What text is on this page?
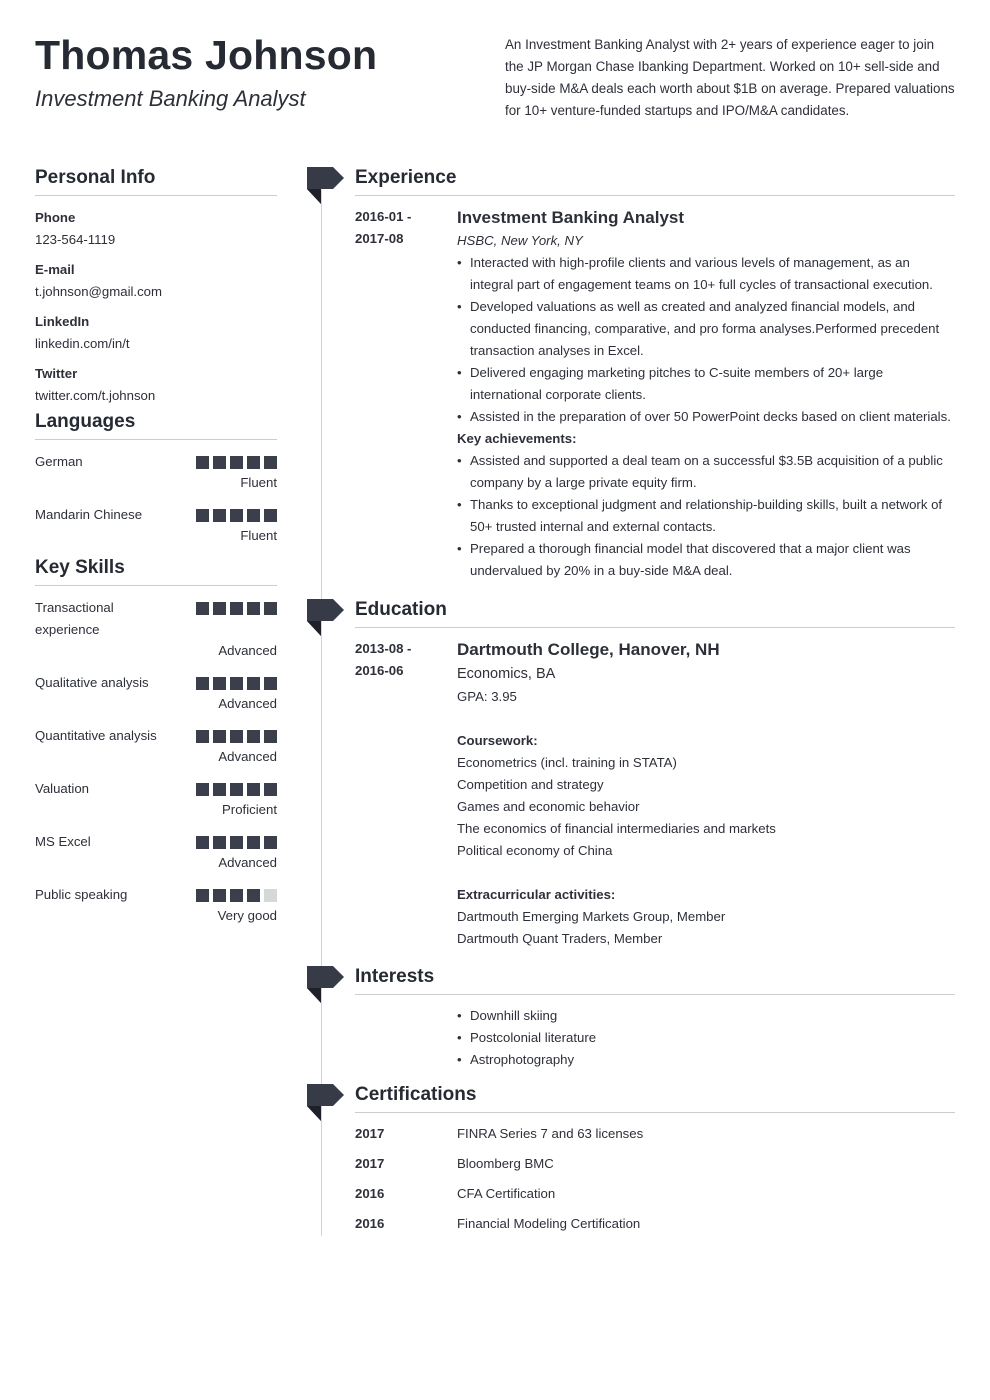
Thomas Johnson
Investment Banking Analyst
An Investment Banking Analyst with 2+ years of experience eager to join the JP Morgan Chase Ibanking Department. Worked on 10+ sell-side and buy-side M&A deals each worth about $1B on average. Prepared valuations for 10+ venture-funded startups and IPO/M&A candidates.
Personal Info
Phone
123-564-1119
E-mail
t.johnson@gmail.com
LinkedIn
linkedin.com/in/t
Twitter
twitter.com/t.johnson
Languages
German
Fluent
Mandarin Chinese
Fluent
Key Skills
Transactional experience
Advanced
Qualitative analysis
Advanced
Quantitative analysis
Advanced
Valuation
Proficient
MS Excel
Advanced
Public speaking
Very good
Experience
2016-01 -
2017-08
Investment Banking Analyst
HSBC, New York, NY
• Interacted with high-profile clients and various levels of management, as an integral part of engagement teams on 10+ full cycles of transactional execution.
• Developed valuations as well as created and analyzed financial models, and conducted financing, comparative, and pro forma analyses.Performed precedent transaction analyses in Excel.
• Delivered engaging marketing pitches to C-suite members of 20+ large international corporate clients.
• Assisted in the preparation of over 50 PowerPoint decks based on client materials.
Key achievements:
• Assisted and supported a deal team on a successful $3.5B acquisition of a public company by a large private equity firm.
• Thanks to exceptional judgment and relationship-building skills, built a network of 50+ trusted internal and external contacts.
• Prepared a thorough financial model that discovered that a major client was undervalued by 20% in a buy-side M&A deal.
Education
2013-08 -
2016-06
Dartmouth College, Hanover, NH
Economics, BA
GPA: 3.95
Coursework:
Econometrics (incl. training in STATA)
Competition and strategy
Games and economic behavior
The economics of financial intermediaries and markets
Political economy of China
Extracurricular activities:
Dartmouth Emerging Markets Group, Member
Dartmouth Quant Traders, Member
Interests
• Downhill skiing
• Postcolonial literature
• Astrophotography
Certifications
2017	FINRA Series 7 and 63 licenses
2017	Bloomberg BMC
2016	CFA Certification
2016	Financial Modeling Certification
